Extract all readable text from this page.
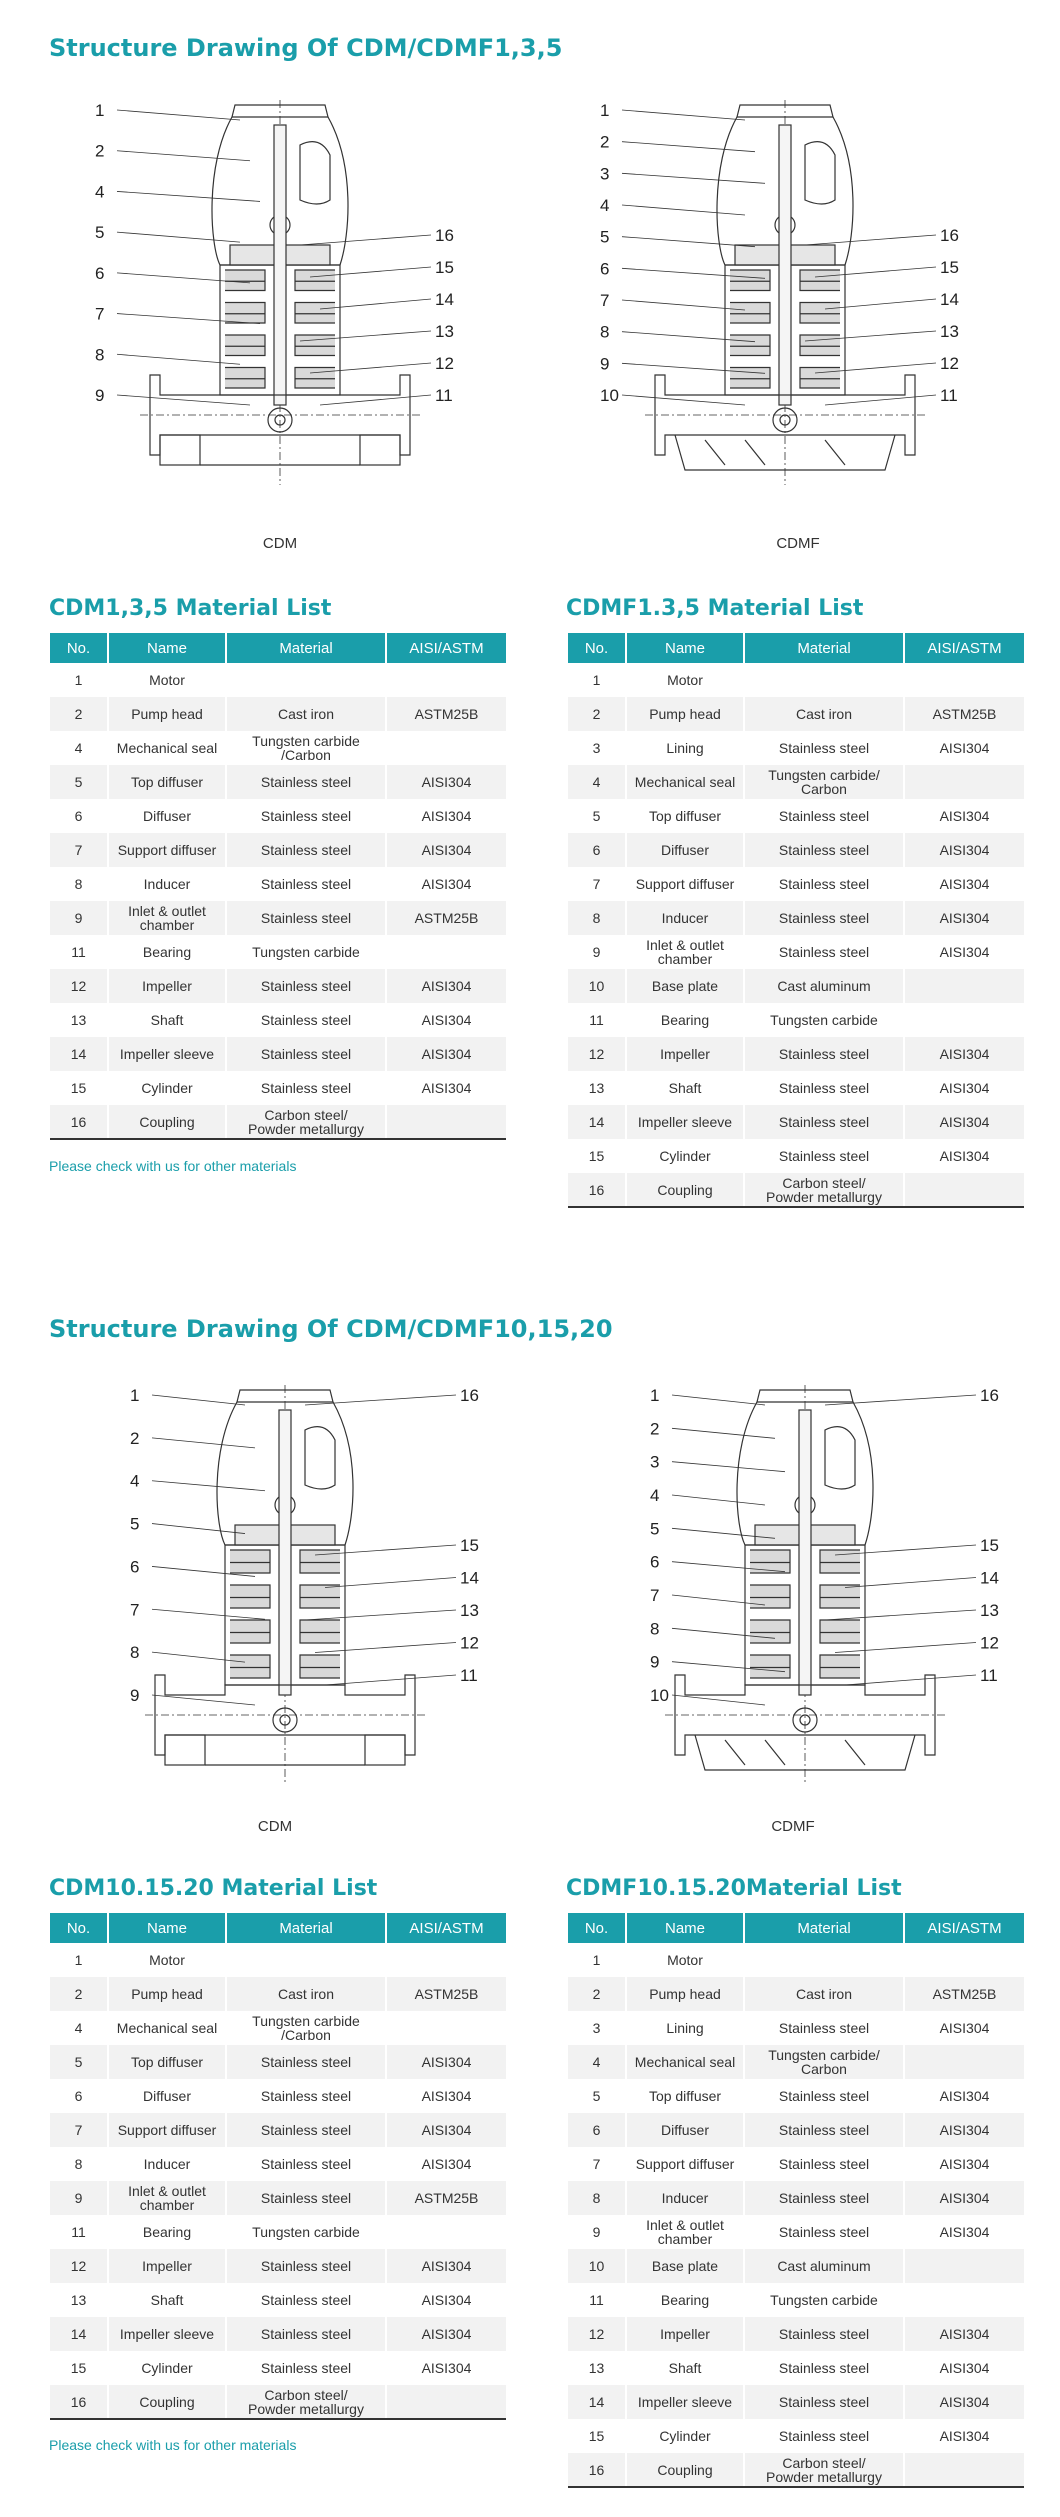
Structure Drawing Of CDM/CDMF1,3,5
1
2
4
5
6
7
8
9
16
15
14
13
12
11
CDM
1
2
3
4
5
6
7
8
9
10
16
15
14
13
12
11
CDMF
CDM1,3,5 Material List
No.	Name	Material	AISI/ASTM
1	Motor		
2	Pump head	Cast iron	ASTM25B
4	Mechanical seal	Tungsten carbide
/Carbon	
5	Top diffuser	Stainless steel	AISI304
6	Diffuser	Stainless steel	AISI304
7	Support diffuser	Stainless steel	AISI304
8	Inducer	Stainless steel	AISI304
9	Inlet & outlet
chamber	Stainless steel	ASTM25B
11	Bearing	Tungsten carbide	
12	Impeller	Stainless steel	AISI304
13	Shaft	Stainless steel	AISI304
14	Impeller sleeve	Stainless steel	AISI304
15	Cylinder	Stainless steel	AISI304
16	Coupling	Carbon steel/
Powder metallurgy	
Please check with us for other materials
CDMF1.3,5 Material List
No.	Name	Material	AISI/ASTM
1	Motor		
2	Pump head	Cast iron	ASTM25B
3	Lining	Stainless steel	AISI304
4	Mechanical seal	Tungsten carbide/
Carbon	
5	Top diffuser	Stainless steel	AISI304
6	Diffuser	Stainless steel	AISI304
7	Support diffuser	Stainless steel	AISI304
8	Inducer	Stainless steel	AISI304
9	Inlet & outlet
chamber	Stainless steel	AISI304
10	Base plate	Cast aluminum	
11	Bearing	Tungsten carbide	
12	Impeller	Stainless steel	AISI304
13	Shaft	Stainless steel	AISI304
14	Impeller sleeve	Stainless steel	AISI304
15	Cylinder	Stainless steel	AISI304
16	Coupling	Carbon steel/
Powder metallurgy	
Structure Drawing Of CDM/CDMF10,15,20
1
2
4
5
6
7
8
9
16
15
14
13
12
11
CDM
1
2
3
4
5
6
7
8
9
10
16
15
14
13
12
11
CDMF
CDM10.15.20 Material List
No.	Name	Material	AISI/ASTM
1	Motor		
2	Pump head	Cast iron	ASTM25B
4	Mechanical seal	Tungsten carbide
/Carbon	
5	Top diffuser	Stainless steel	AISI304
6	Diffuser	Stainless steel	AISI304
7	Support diffuser	Stainless steel	AISI304
8	Inducer	Stainless steel	AISI304
9	Inlet & outlet
chamber	Stainless steel	ASTM25B
11	Bearing	Tungsten carbide	
12	Impeller	Stainless steel	AISI304
13	Shaft	Stainless steel	AISI304
14	Impeller sleeve	Stainless steel	AISI304
15	Cylinder	Stainless steel	AISI304
16	Coupling	Carbon steel/
Powder metallurgy	
Please check with us for other materials
CDMF10.15.20Material List
No.	Name	Material	AISI/ASTM
1	Motor		
2	Pump head	Cast iron	ASTM25B
3	Lining	Stainless steel	AISI304
4	Mechanical seal	Tungsten carbide/
Carbon	
5	Top diffuser	Stainless steel	AISI304
6	Diffuser	Stainless steel	AISI304
7	Support diffuser	Stainless steel	AISI304
8	Inducer	Stainless steel	AISI304
9	Inlet & outlet
chamber	Stainless steel	AISI304
10	Base plate	Cast aluminum	
11	Bearing	Tungsten carbide	
12	Impeller	Stainless steel	AISI304
13	Shaft	Stainless steel	AISI304
14	Impeller sleeve	Stainless steel	AISI304
15	Cylinder	Stainless steel	AISI304
16	Coupling	Carbon steel/
Powder metallurgy	
